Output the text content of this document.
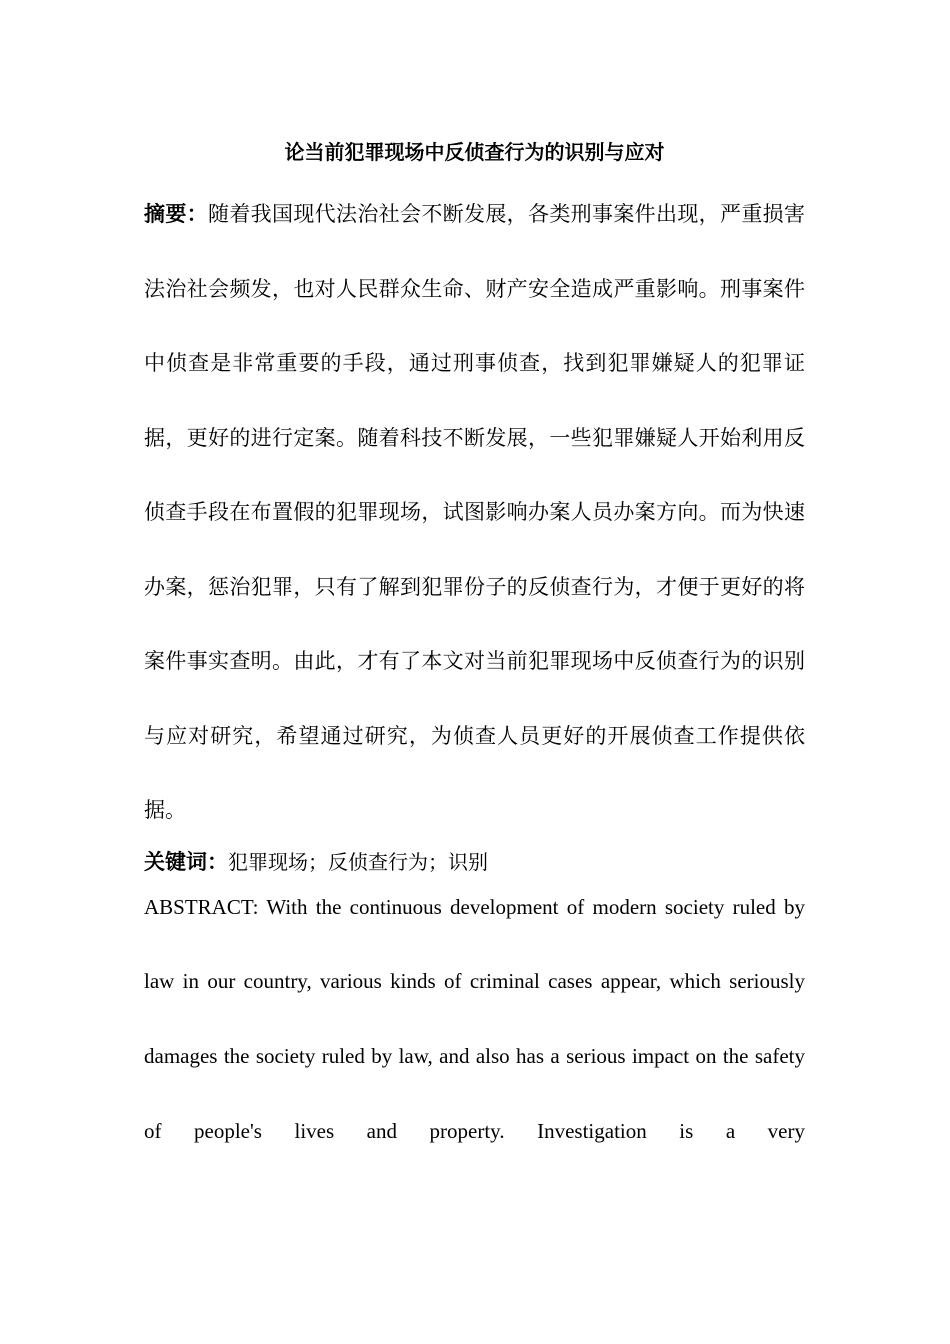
论当前犯罪现场中反侦查行为的识别与应对
摘要：随着我国现代法治社会不断发展，各类刑事案件出现，严重损害法治社会频发，也对人民群众生命、财产安全造成严重影响。刑事案件中侦查是非常重要的手段，通过刑事侦查，找到犯罪嫌疑人的犯罪证据，更好的进行定案。随着科技不断发展，一些犯罪嫌疑人开始利用反侦查手段在布置假的犯罪现场，试图影响办案人员办案方向。而为快速办案，惩治犯罪，只有了解到犯罪份子的反侦查行为，才便于更好的将案件事实查明。由此，才有了本文对当前犯罪现场中反侦查行为的识别与应对研究，希望通过研究，为侦查人员更好的开展侦查工作提供依据。
关键词：犯罪现场；反侦查行为；识别
ABSTRACT: With the continuous development of modern society ruled by law in our country, various kinds of criminal cases appear, which seriously damages the society ruled by law, and also has a serious impact on the safety of people's lives and property. Investigation is a very
